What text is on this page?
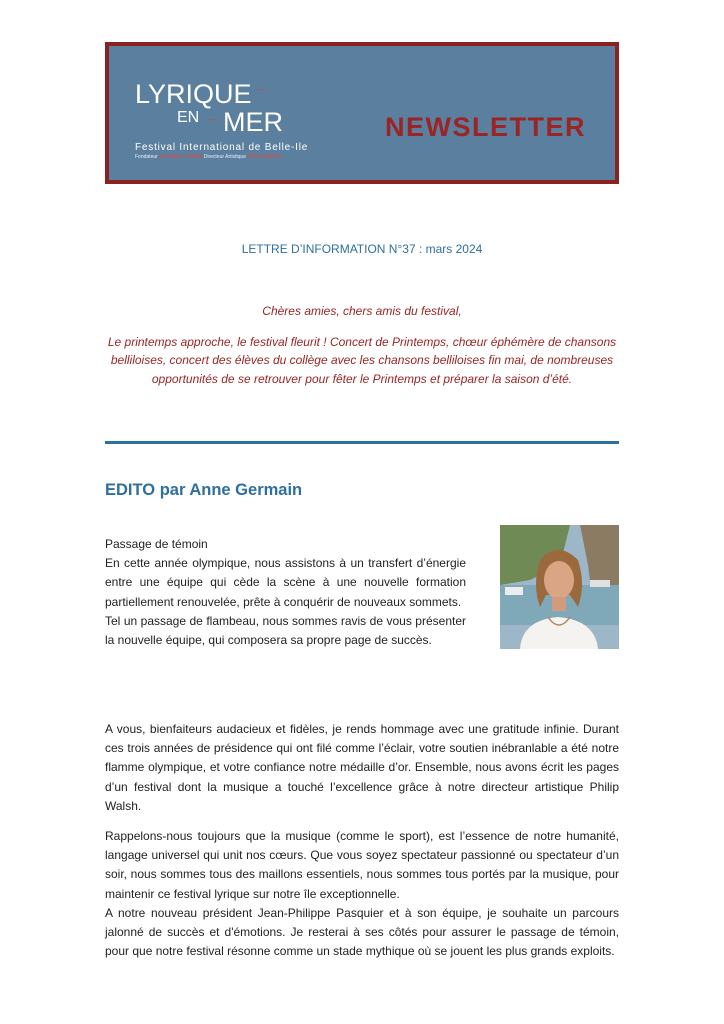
LYRIQUE ⌒
EN ⌒ MER
Festival International de Belle-Ile
Fondateur RICHARD COWAN Directeur Artistique PHILIP WALSH
NEWSLETTER
LETTRE D’INFORMATION N°37 : mars 2024

Chères amies, chers amis du festival,

Le printemps approche, le festival fleurit ! Concert de Printemps, chœur éphémère de chansons belliloises, concert des élèves du collège avec les chansons belliloises fin mai, de nombreuses opportunités de se retrouver pour fêter le Printemps et préparer la saison d’été.

EDITO par Anne Germain

Passage de témoin

En cette année olympique, nous assistons à un transfert d’énergie entre une équipe qui cède la scène à une nouvelle formation partiellement renouvelée, prête à conquérir de nouveaux sommets.

Tel un passage de flambeau, nous sommes ravis de vous présenter la nouvelle équipe, qui composera sa propre page de succès.

A vous, bienfaiteurs audacieux et fidèles, je rends hommage avec une gratitude infinie. Durant ces trois années de présidence qui ont filé comme l’éclair, votre soutien inébranlable a été notre flamme olympique, et votre confiance notre médaille d’or. Ensemble, nous avons écrit les pages d’un festival dont la musique a touché l’excellence grâce à notre directeur artistique Philip Walsh.

Rappelons-nous toujours que la musique (comme le sport), est l’essence de notre humanité, langage universel qui unit nos cœurs. Que vous soyez spectateur passionné ou spectateur d’un soir, nous sommes tous des maillons essentiels, nous sommes tous portés par la musique, pour maintenir ce festival lyrique sur notre île exceptionnelle.

A notre nouveau président Jean-Philippe Pasquier et à son équipe, je souhaite un parcours jalonné de succès et d'émotions. Je resterai à ses côtés pour assurer le passage de témoin, pour que notre festival résonne comme un stade mythique où se jouent les plus grands exploits.
